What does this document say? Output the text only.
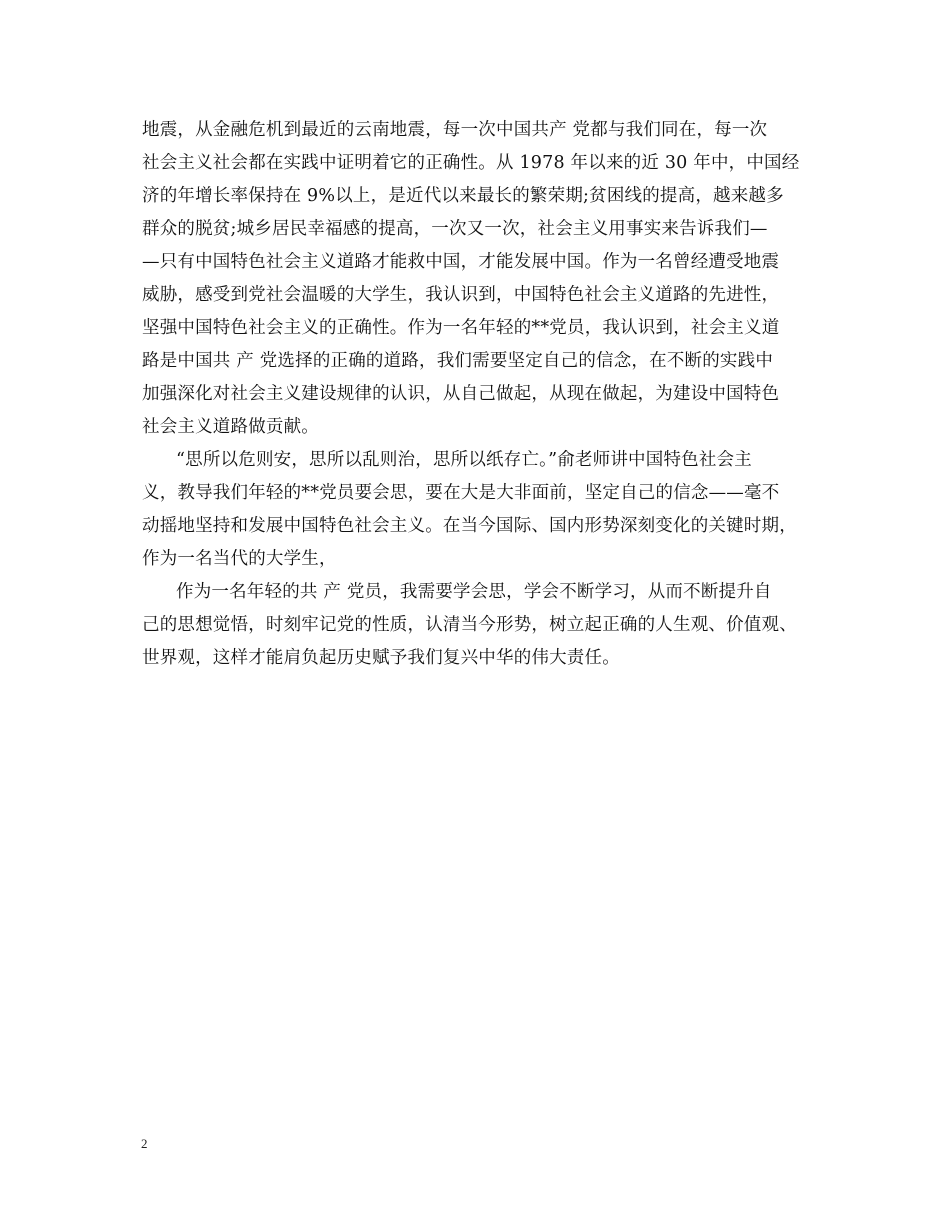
地震，从金融危机到最近的云南地震，每一次中国共产 党都与我们同在，每一次
社会主义社会都在实践中证明着它的正确性。从 1978 年以来的近 30 年中，中国经
济的年增长率保持在 9%以上，是近代以来最长的繁荣期;贫困线的提高，越来越多
群众的脱贫;城乡居民幸福感的提高，一次又一次，社会主义用事实来告诉我们—
—只有中国特色社会主义道路才能救中国，才能发展中国。作为一名曾经遭受地震
威胁，感受到党社会温暖的大学生，我认识到，中国特色社会主义道路的先进性，
坚强中国特色社会主义的正确性。作为一名年轻的**党员，我认识到，社会主义道
路是中国共 产 党选择的正确的道路，我们需要坚定自己的信念，在不断的实践中
加强深化对社会主义建设规律的认识，从自己做起，从现在做起，为建设中国特色
社会主义道路做贡献。
“思所以危则安，思所以乱则治，思所以纸存亡。”俞老师讲中国特色社会主
义，教导我们年轻的**党员要会思，要在大是大非面前，坚定自己的信念——毫不
动摇地坚持和发展中国特色社会主义。在当今国际、国内形势深刻变化的关键时期，
作为一名当代的大学生，
作为一名年轻的共 产 党员，我需要学会思，学会不断学习，从而不断提升自
己的思想觉悟，时刻牢记党的性质，认清当今形势，树立起正确的人生观、价值观、
世界观，这样才能肩负起历史赋予我们复兴中华的伟大责任。
2
